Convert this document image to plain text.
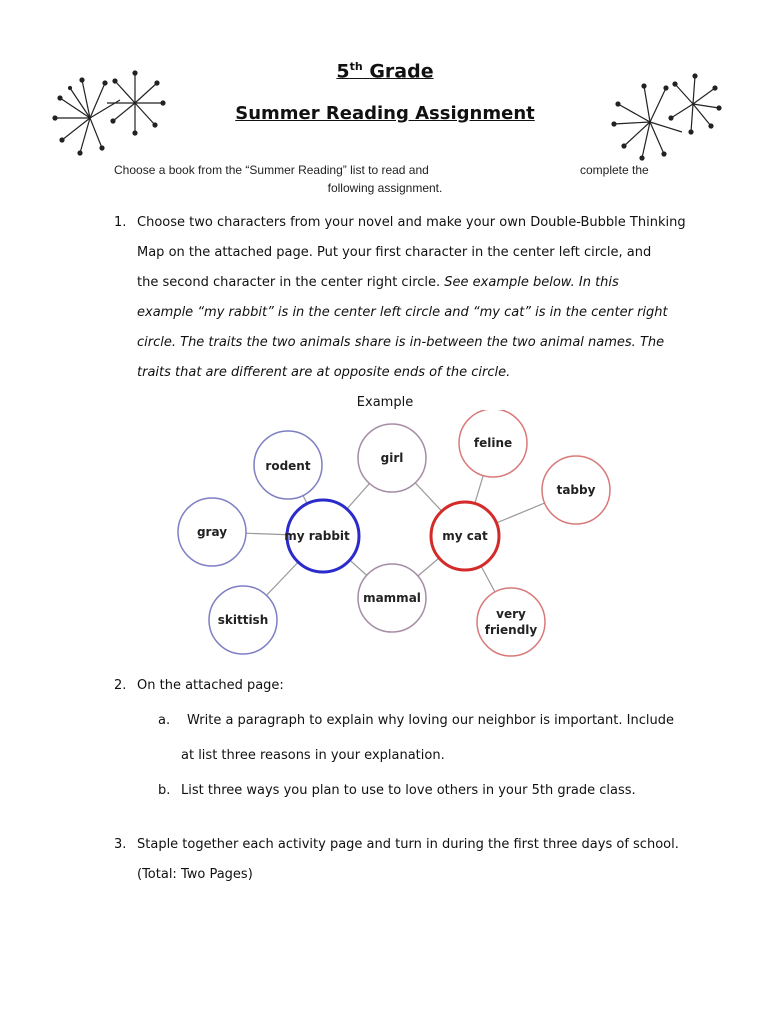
5th Grade
Summer Reading Assignment
Choose a book from the “Summer Reading” list to read and	complete the
following assignment.
1. Choose two characters from your novel and make your own Double-Bubble Thinking
Map on the attached page. Put your first character in the center left circle, and
the second character in the center right circle. See example below. In this
example “my rabbit” is in the center left circle and “my cat” is in the center right
circle. The traits the two animals share is in-between the two animal names. The
traits that are different are at opposite ends of the circle.
Example
rodent
gray
skittish
my rabbit
girl
mammal
my cat
feline
tabby
very
friendly
2. On the attached page:
a. Write a paragraph to explain why loving our neighbor is important. Include
at list three reasons in your explanation.
b. List three ways you plan to use to love others in your 5th grade class.
3. Staple together each activity page and turn in during the first three days of school.
(Total: Two Pages)
